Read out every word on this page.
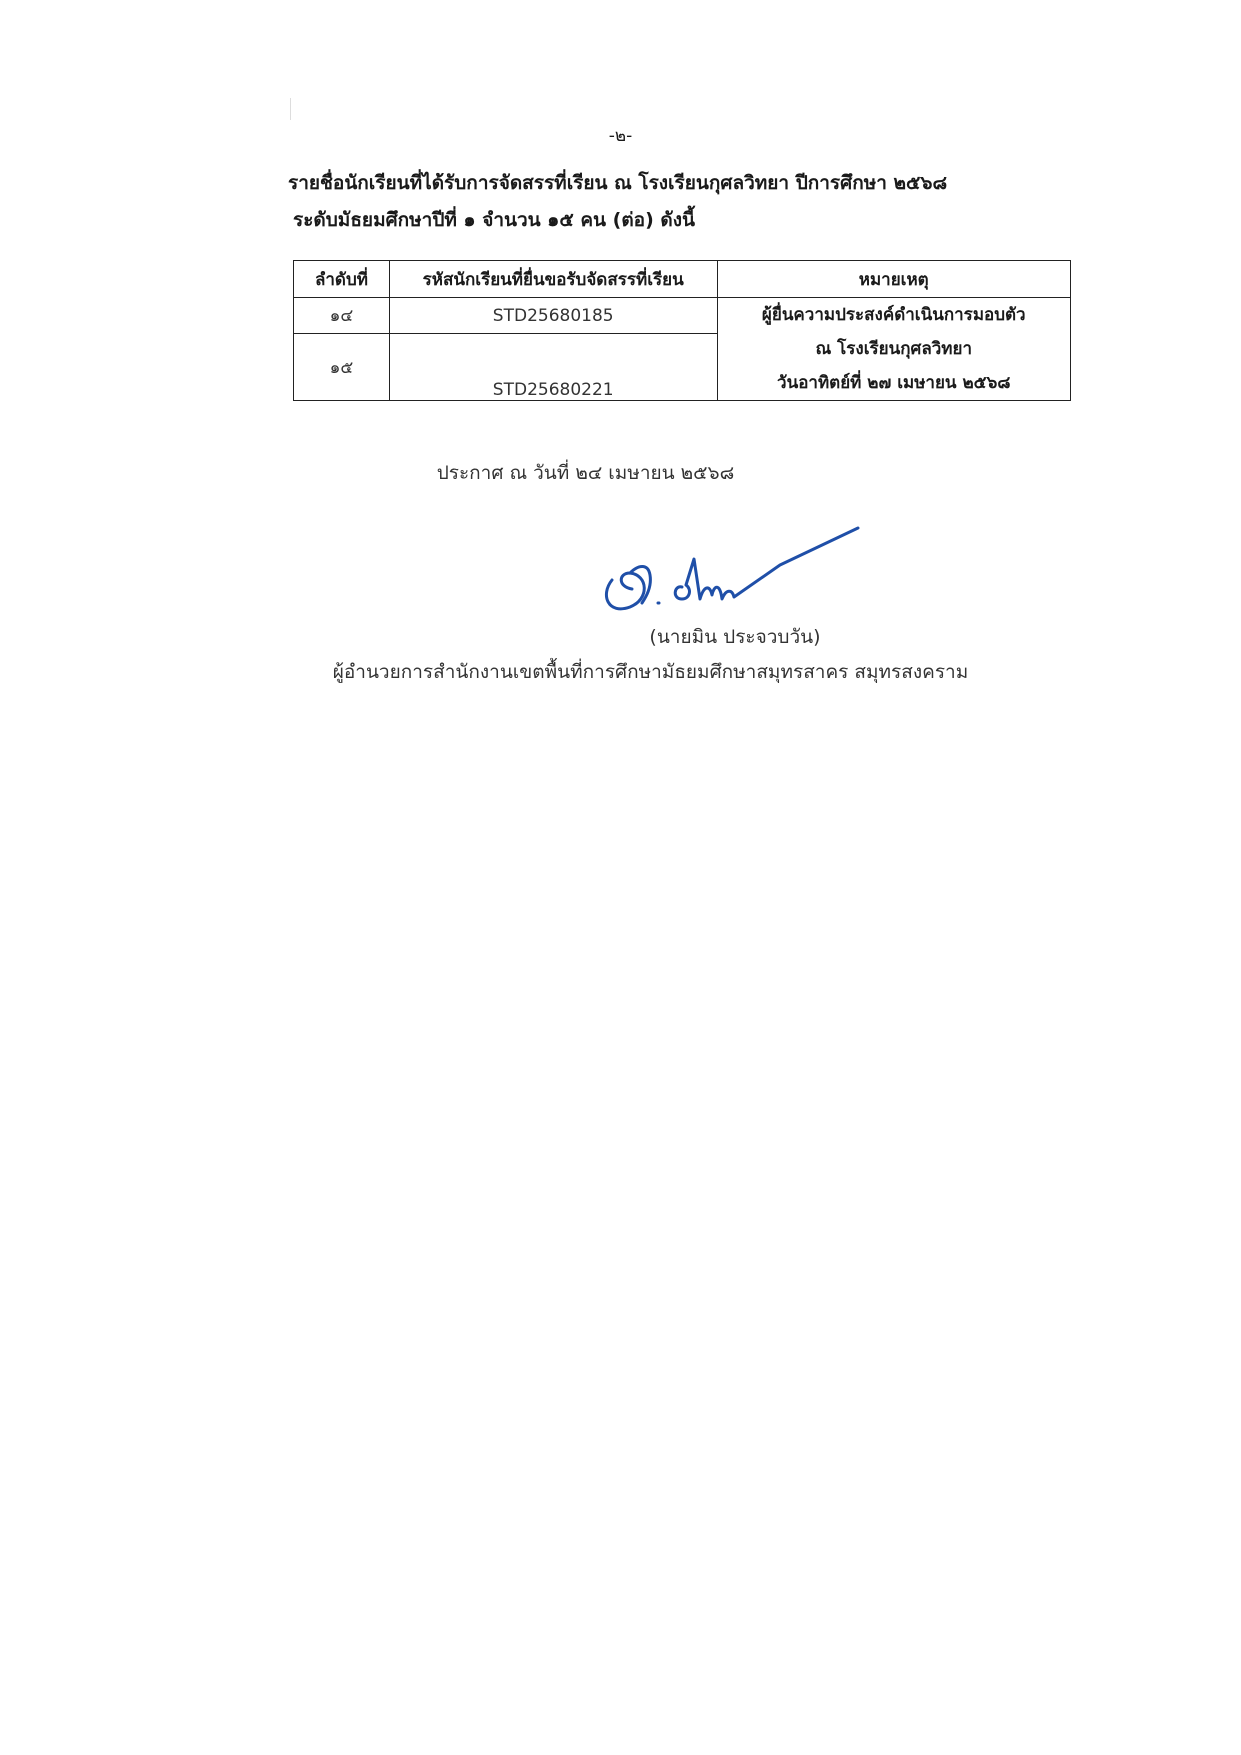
-๒-
รายชื่อนักเรียนที่ได้รับการจัดสรรที่เรียน ณ โรงเรียนกุศลวิทยา ปีการศึกษา ๒๕๖๘
ระดับมัธยมศึกษาปีที่ ๑ จำนวน ๑๕ คน (ต่อ) ดังนี้
ลำดับที่	รหัสนักเรียนที่ยื่นขอรับจัดสรรที่เรียน	หมายเหตุ
๑๔	STD25680185	ผู้ยื่นความประสงค์ดำเนินการมอบตัว
ณ โรงเรียนกุศลวิทยา
วันอาทิตย์ที่ ๒๗ เมษายน ๒๕๖๘

๑๕	STD25680221	
ประกาศ ณ วันที่ ๒๔ เมษายน ๒๕๖๘
(นายมิน ประจวบวัน)
ผู้อำนวยการสำนักงานเขตพื้นที่การศึกษามัธยมศึกษาสมุทรสาคร สมุทรสงคราม
